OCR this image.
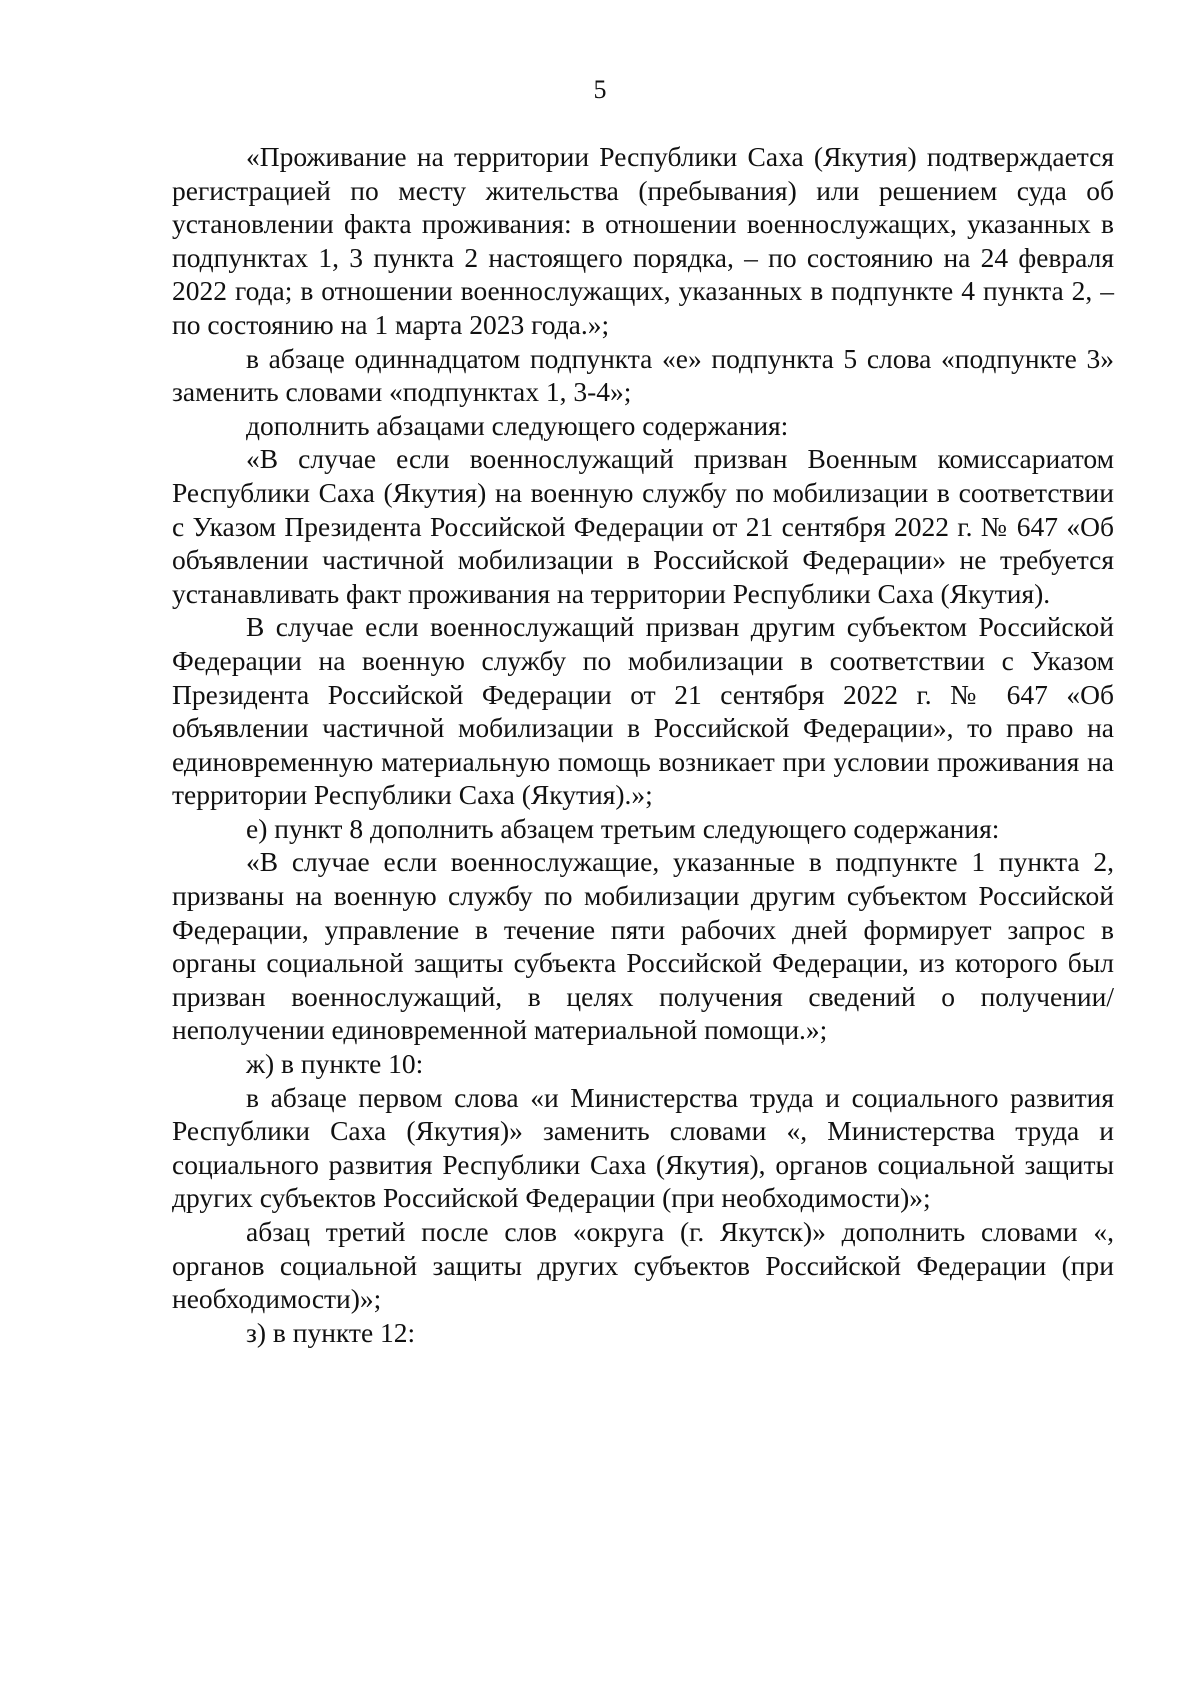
5

«Проживание на территории Республики Саха (Якутия) подтверждается регистрацией по месту жительства (пребывания) или решением суда об установлении факта проживания: в отношении военнослужащих, указанных в подпунктах 1, 3 пункта 2 настоящего порядка, – по состоянию на 24 февраля 2022 года; в отношении военнослужащих, указанных в подпункте 4 пункта 2, – по состоянию на 1 марта 2023 года.»;

в абзаце одиннадцатом подпункта «е» подпункта 5 слова «подпункте 3» заменить словами «подпунктах 1, 3-4»;

дополнить абзацами следующего содержания:

«В случае если военнослужащий призван Военным комиссариатом Республики Саха (Якутия) на военную службу по мобилизации в соответствии с Указом Президента Российской Федерации от 21 сентября 2022 г. № 647 «Об объявлении частичной мобилизации в Российской Федерации» не требуется устанавливать факт проживания на территории Республики Саха (Якутия).

В случае если военнослужащий призван другим субъектом Российской Федерации на военную службу по мобилизации в соответствии с Указом Президента Российской Федерации от 21 сентября 2022 г. № 647 «Об объявлении частичной мобилизации в Российской Федерации», то право на единовременную материальную помощь возникает при условии проживания на территории Республики Саха (Якутия).»;

е) пункт 8 дополнить абзацем третьим следующего содержания:

«В случае если военнослужащие, указанные в подпункте 1 пункта 2, призваны на военную службу по мобилизации другим субъектом Российской Федерации, управление в течение пяти рабочих дней формирует запрос в органы социальной защиты субъекта Российской Федерации, из которого был призван военнослужащий, в целях получения сведений о получении/неполучении единовременной материальной помощи.»;

ж) в пункте 10:

в абзаце первом слова «и Министерства труда и социального развития Республики Саха (Якутия)» заменить словами «, Министерства труда и социального развития Республики Саха (Якутия), органов социальной защиты других субъектов Российской Федерации (при необходимости)»;

абзац третий после слов «округа (г. Якутск)» дополнить словами «, органов социальной защиты других субъектов Российской Федерации (при необходимости)»;

з) в пункте 12:
